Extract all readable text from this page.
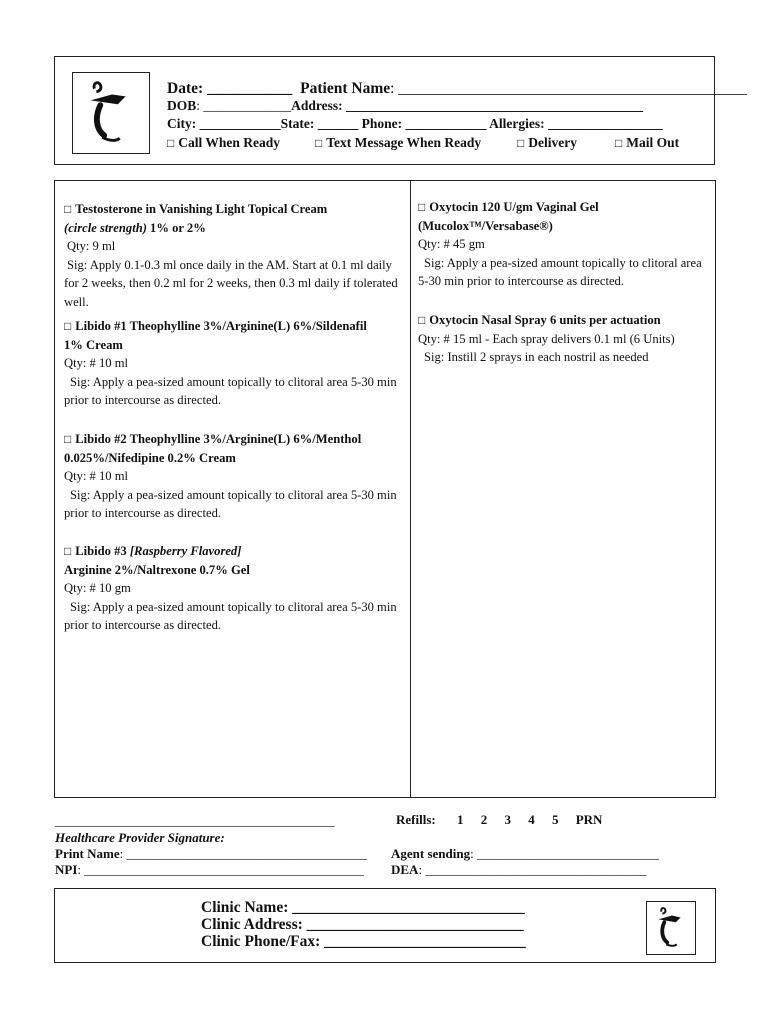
Date: ___________ Patient Name: _____________________________________________
DOB: _____________Address: ____________________________________________
City: ____________State: ______ Phone: ____________ Allergies: _________________
□ Call When Ready	□ Text Message When Ready	□ Delivery	□ Mail Out
□ Testosterone in Vanishing Light Topical Cream
(circle strength) 1% or 2%
Qty: 9 ml
Sig: Apply 0.1-0.3 ml once daily in the AM. Start at 0.1 ml daily for 2 weeks, then 0.2 ml for 2 weeks, then 0.3 ml daily if tolerated well.
□ Libido #1 Theophylline 3%/Arginine(L) 6%/Sildenafil
1% Cream
Qty: # 10 ml
Sig: Apply a pea-sized amount topically to clitoral area 5-30 min prior to intercourse as directed.
□ Libido #2 Theophylline 3%/Arginine(L) 6%/Menthol
0.025%/Nifedipine 0.2% Cream
Qty: # 10 ml
Sig: Apply a pea-sized amount topically to clitoral area 5-30 min prior to intercourse as directed.
□ Libido #3 [Raspberry Flavored]
Arginine 2%/Naltrexone 0.7% Gel
Qty: # 10 gm
Sig: Apply a pea-sized amount topically to clitoral area 5-30 min prior to intercourse as directed.
□ Oxytocin 120 U/gm Vaginal Gel
(Mucolox™/Versabase®)
Qty: # 45 gm
Sig: Apply a pea-sized amount topically to clitoral area 5-30 min prior to intercourse as directed.
□ Oxytocin Nasal Spray 6 units per actuation
Qty: # 15 ml - Each spray delivers 0.1 ml (6 Units)
Sig: Instill 2 sprays in each nostril as needed
___________________________________________	Refills: 1 2 3 4 5 PRN
Healthcare Provider Signature:
Print Name: _____________________________________ Agent sending: ____________________________
NPI: ___________________________________________ DEA: __________________________________
Clinic Name: ______________________________
Clinic Address: ____________________________
Clinic Phone/Fax: __________________________
